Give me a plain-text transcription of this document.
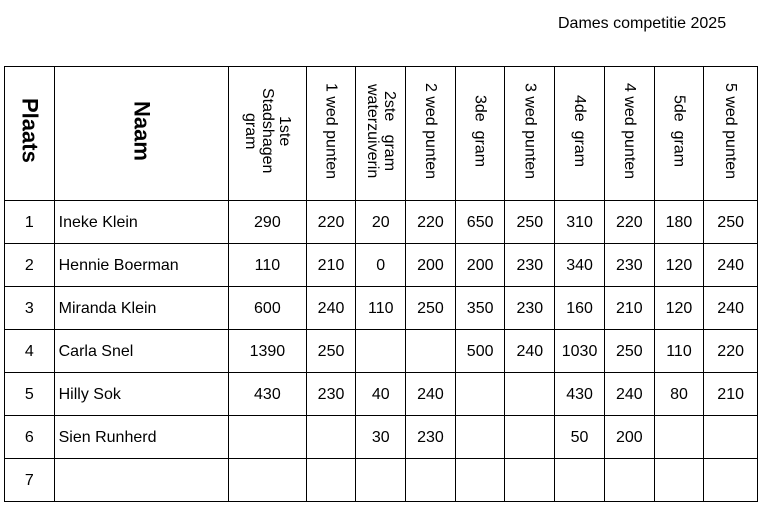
Dames competitie 2025
Plaats	Naam	1ste
Stadshagen
gram	1 wed punten	2ste   gram
waterzuiverin	2 wed punten	3de  gram	3 wed punten	4de  gram	4 wed punten	5de  gram	5 wed punten
1	Ineke Klein	290	220	20	220	650	250	310	220	180	250
2	Hennie Boerman	110	210	0	200	200	230	340	230	120	240
3	Miranda Klein	600	240	110	250	350	230	160	210	120	240
4	Carla Snel	1390	250			500	240	1030	250	110	220
5	Hilly Sok	430	230	40	240			430	240	80	210
6	Sien Runherd			30	230			50	200		
7											
